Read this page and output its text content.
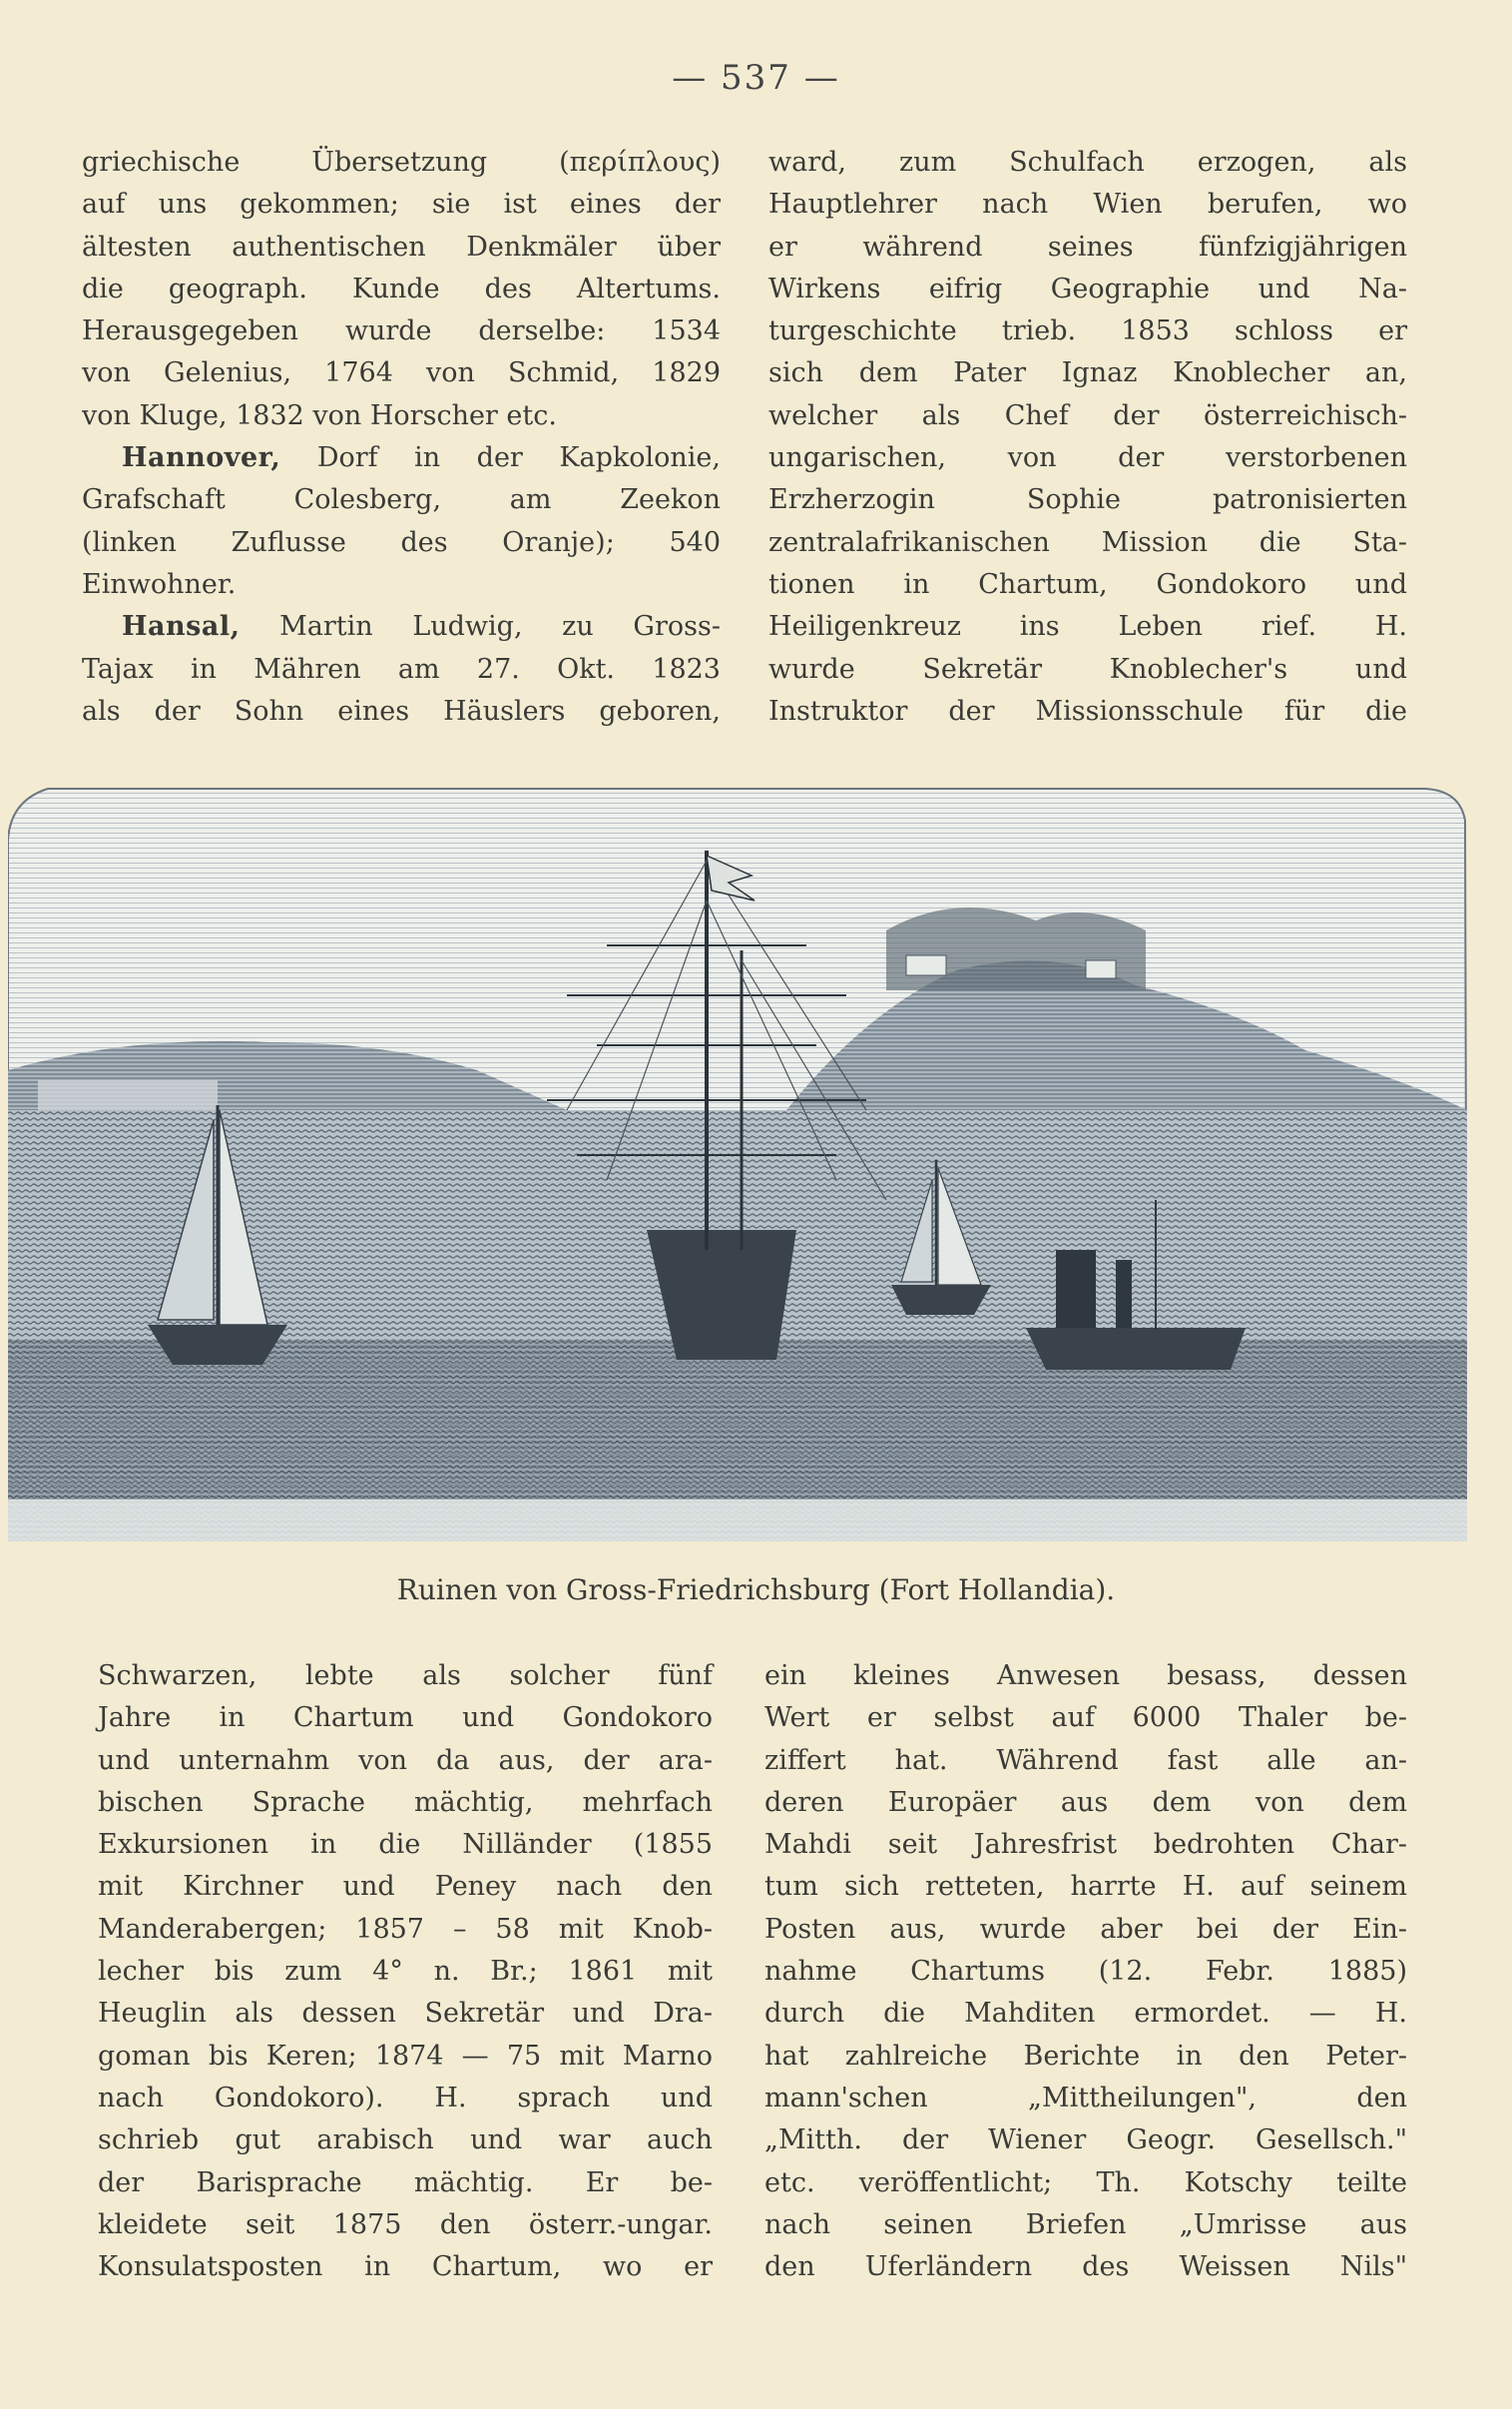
— 537 —
griechische Übersetzung (περίπλους)
auf uns gekommen; sie ist eines der
ältesten authentischen Denkmäler über
die geograph. Kunde des Altertums.
Herausgegeben wurde derselbe: 1534
von Gelenius, 1764 von Schmid, 1829
von Kluge, 1832 von Horscher etc.
Hannover, Dorf in der Kapkolonie,
Grafschaft Colesberg, am Zeekon
(linken Zuflusse des Oranje); 540
Einwohner.
Hansal, Martin Ludwig, zu Gross-
Tajax in Mähren am 27. Okt. 1823
als der Sohn eines Häuslers geboren,
ward, zum Schulfach erzogen, als
Hauptlehrer nach Wien berufen, wo
er während seines fünfzigjährigen
Wirkens eifrig Geographie und Na-
turgeschichte trieb. 1853 schloss er
sich dem Pater Ignaz Knoblecher an,
welcher als Chef der österreichisch-
ungarischen, von der verstorbenen
Erzherzogin Sophie patronisierten
zentralafrikanischen Mission die Sta-
tionen in Chartum, Gondokoro und
Heiligenkreuz ins Leben rief. H.
wurde Sekretär Knoblecher's und
Instruktor der Missionsschule für die
Ruinen von Gross-Friedrichsburg (Fort Hollandia).
Schwarzen, lebte als solcher fünf
Jahre in Chartum und Gondokoro
und unternahm von da aus, der ara-
bischen Sprache mächtig, mehrfach
Exkursionen in die Nilländer (1855
mit Kirchner und Peney nach den
Manderabergen; 1857 – 58 mit Knob-
lecher bis zum 4° n. Br.; 1861 mit
Heuglin als dessen Sekretär und Dra-
goman bis Keren; 1874 — 75 mit Marno
nach Gondokoro). H. sprach und
schrieb gut arabisch und war auch
der Barisprache mächtig. Er be-
kleidete seit 1875 den österr.-ungar.
Konsulatsposten in Chartum, wo er
ein kleines Anwesen besass, dessen
Wert er selbst auf 6000 Thaler be-
ziffert hat. Während fast alle an-
deren Europäer aus dem von dem
Mahdi seit Jahresfrist bedrohten Char-
tum sich retteten, harrte H. auf seinem
Posten aus, wurde aber bei der Ein-
nahme Chartums (12. Febr. 1885)
durch die Mahditen ermordet. — H.
hat zahlreiche Berichte in den Peter-
mann'schen „Mittheilungen", den
„Mitth. der Wiener Geogr. Gesellsch."
etc. veröffentlicht; Th. Kotschy teilte
nach seinen Briefen „Umrisse aus
den Uferländern des Weissen Nils"
